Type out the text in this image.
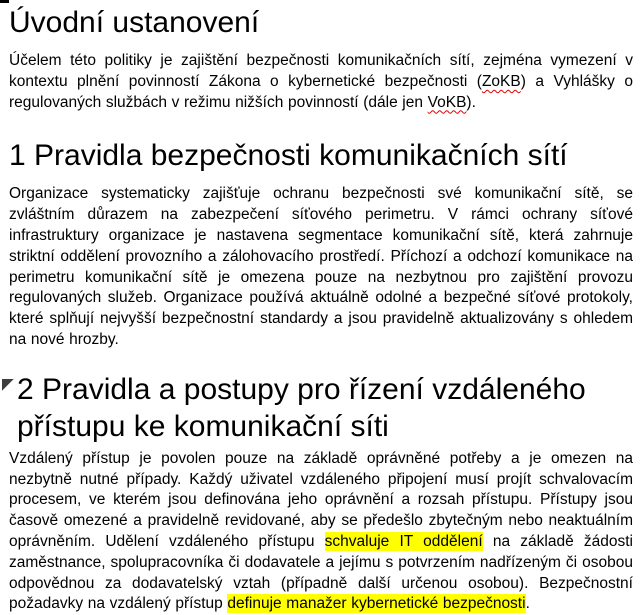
Úvodní ustanovení

Účelem této politiky je zajištění bezpečnosti komunikačních sítí, zejména vymezení v kontextu plnění povinností Zákona o kybernetické bezpečnosti (ZoKB) a Vyhlášky o regulovaných službách v režimu nižších povinností (dále jen VoKB).

1 Pravidla bezpečnosti komunikačních sítí

Organizace systematicky zajišťuje ochranu bezpečnosti své komunikační sítě, se zvláštním důrazem na zabezpečení síťového perimetru. V rámci ochrany síťové infrastruktury organizace je nastavena segmentace komunikační sítě, která zahrnuje striktní oddělení provozního a zálohovacího prostředí. Příchozí a odchozí komunikace na perimetru komunikační sítě je omezena pouze na nezbytnou pro zajištění provozu regulovaných služeb. Organizace používá aktuálně odolné a bezpečné síťové protokoly, které splňují nejvyšší bezpečnostní standardy a jsou pravidelně aktualizovány s ohledem na nové hrozby.

2 Pravidla a postupy pro řízení vzdáleného přístupu ke komunikační síti

Vzdálený přístup je povolen pouze na základě oprávněné potřeby a je omezen na nezbytně nutné případy. Každý uživatel vzdáleného připojení musí projít schvalovacím procesem, ve kterém jsou definována jeho oprávnění a rozsah přístupu. Přístupy jsou časově omezené a pravidelně revidované, aby se předešlo zbytečným nebo neaktuálním oprávněním. Udělení vzdáleného přístupu schvaluje IT oddělení na základě žádosti zaměstnance, spolupracovníka či dodavatele a jejímu s potvrzením nadřízeným či osobou odpovědnou za dodavatelský vztah (případně další určenou osobou). Bezpečnostní požadavky na vzdálený přístup definuje manažer kybernetické bezpečnosti.
